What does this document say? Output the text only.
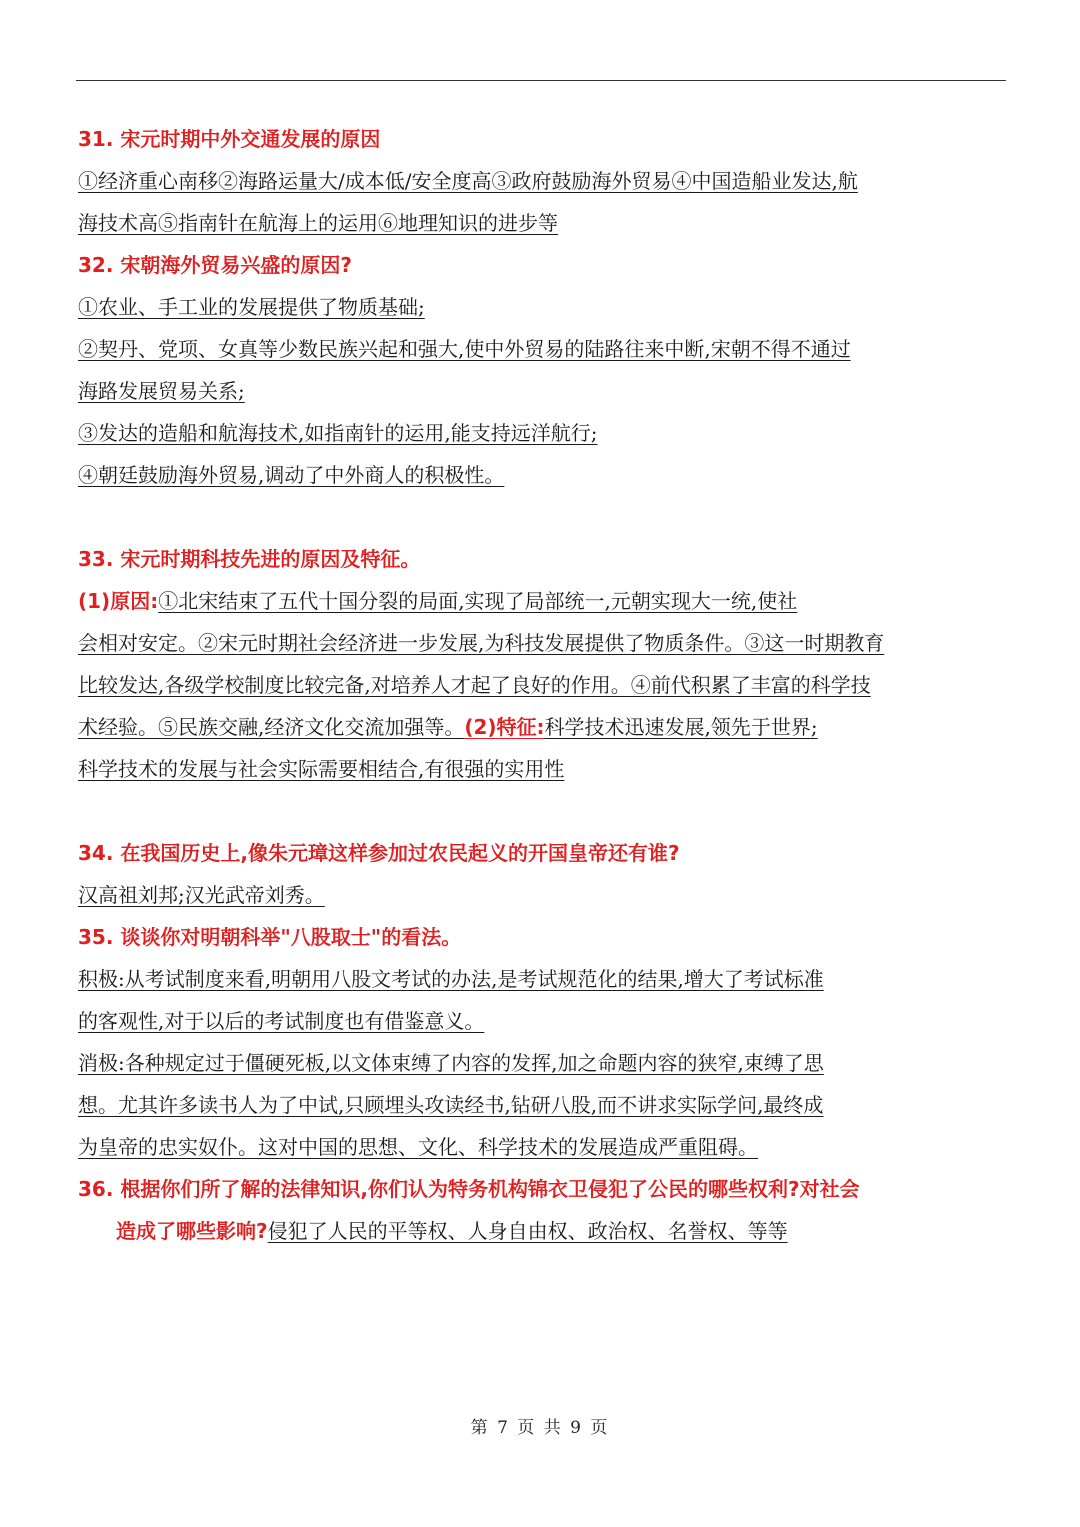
31. 宋元时期中外交通发展的原因
①经济重心南移②海路运量大/成本低/安全度高③政府鼓励海外贸易④中国造船业发达,航
海技术高⑤指南针在航海上的运用⑥地理知识的进步等
32. 宋朝海外贸易兴盛的原因?
①农业、手工业的发展提供了物质基础;
②契丹、党项、女真等少数民族兴起和强大,使中外贸易的陆路往来中断,宋朝不得不通过
海路发展贸易关系;
③发达的造船和航海技术,如指南针的运用,能支持远洋航行;
④朝廷鼓励海外贸易,调动了中外商人的积极性。
33. 宋元时期科技先进的原因及特征。
(1)原因:①北宋结束了五代十国分裂的局面,实现了局部统一,元朝实现大一统,使社
会相对安定。②宋元时期社会经济进一步发展,为科技发展提供了物质条件。③这一时期教育
比较发达,各级学校制度比较完备,对培养人才起了良好的作用。④前代积累了丰富的科学技
术经验。⑤民族交融,经济文化交流加强等。(2)特征:科学技术迅速发展,领先于世界;
科学技术的发展与社会实际需要相结合,有很强的实用性
34. 在我国历史上,像朱元璋这样参加过农民起义的开国皇帝还有谁?
汉高祖刘邦;汉光武帝刘秀。
35. 谈谈你对明朝科举"八股取士"的看法。
积极:从考试制度来看,明朝用八股文考试的办法,是考试规范化的结果,增大了考试标准
的客观性,对于以后的考试制度也有借鉴意义。
消极:各种规定过于僵硬死板,以文体束缚了内容的发挥,加之命题内容的狭窄,束缚了思
想。尤其许多读书人为了中试,只顾埋头攻读经书,钻研八股,而不讲求实际学问,最终成
为皇帝的忠实奴仆。这对中国的思想、文化、科学技术的发展造成严重阻碍。
36. 根据你们所了解的法律知识,你们认为特务机构锦衣卫侵犯了公民的哪些权利?对社会
造成了哪些影响?侵犯了人民的平等权、人身自由权、政治权、名誉权、等等
第 7 页 共 9 页
